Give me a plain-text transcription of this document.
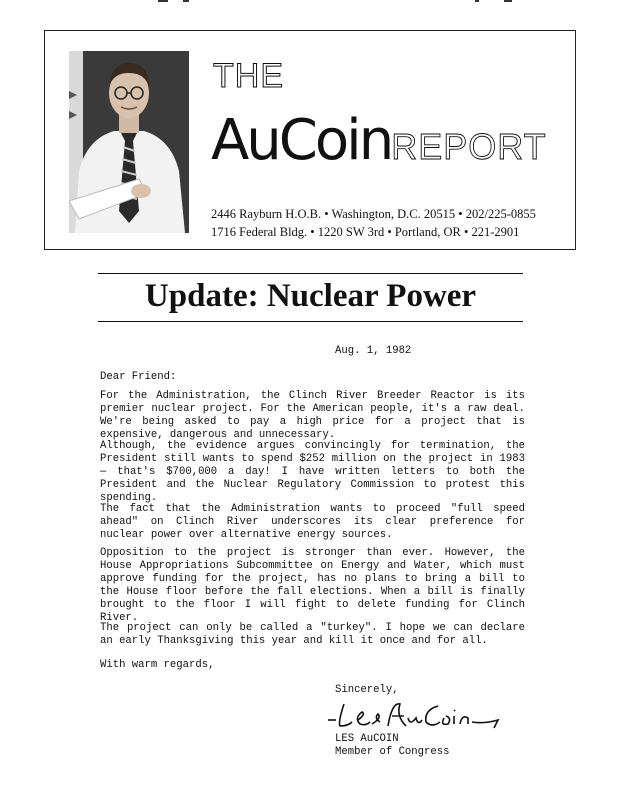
THE
AuCoinREPORT
2446 Rayburn H.O.B. • Washington, D.C. 20515 • 202/225-0855
1716 Federal Bldg. • 1220 SW 3rd • Portland, OR • 221-2901
Update: Nuclear Power
Aug. 1, 1982
Dear Friend:
For the Administration, the Clinch River Breeder Reactor is its premier nuclear project. For the American people, it's a raw deal. We're being asked to pay a high price for a project that is expensive, dangerous and unnecessary.
Although, the evidence argues convincingly for termination, the President still wants to spend $252 million on the project in 1983 — that's $700,000 a day! I have written letters to both the President and the Nuclear Regulatory Commission to protest this spending.
The fact that the Administration wants to proceed "full speed ahead" on Clinch River underscores its clear preference for nuclear power over alternative energy sources.
Opposition to the project is stronger than ever. However, the House Appropriations Subcommittee on Energy and Water, which must approve funding for the project, has no plans to bring a bill to the House floor before the fall elections. When a bill is finally brought to the floor I will fight to delete funding for Clinch River.
The project can only be called a "turkey". I hope we can declare an early Thanksgiving this year and kill it once and for all.
With warm regards,
Sincerely,
LES AuCOIN
Member of Congress
